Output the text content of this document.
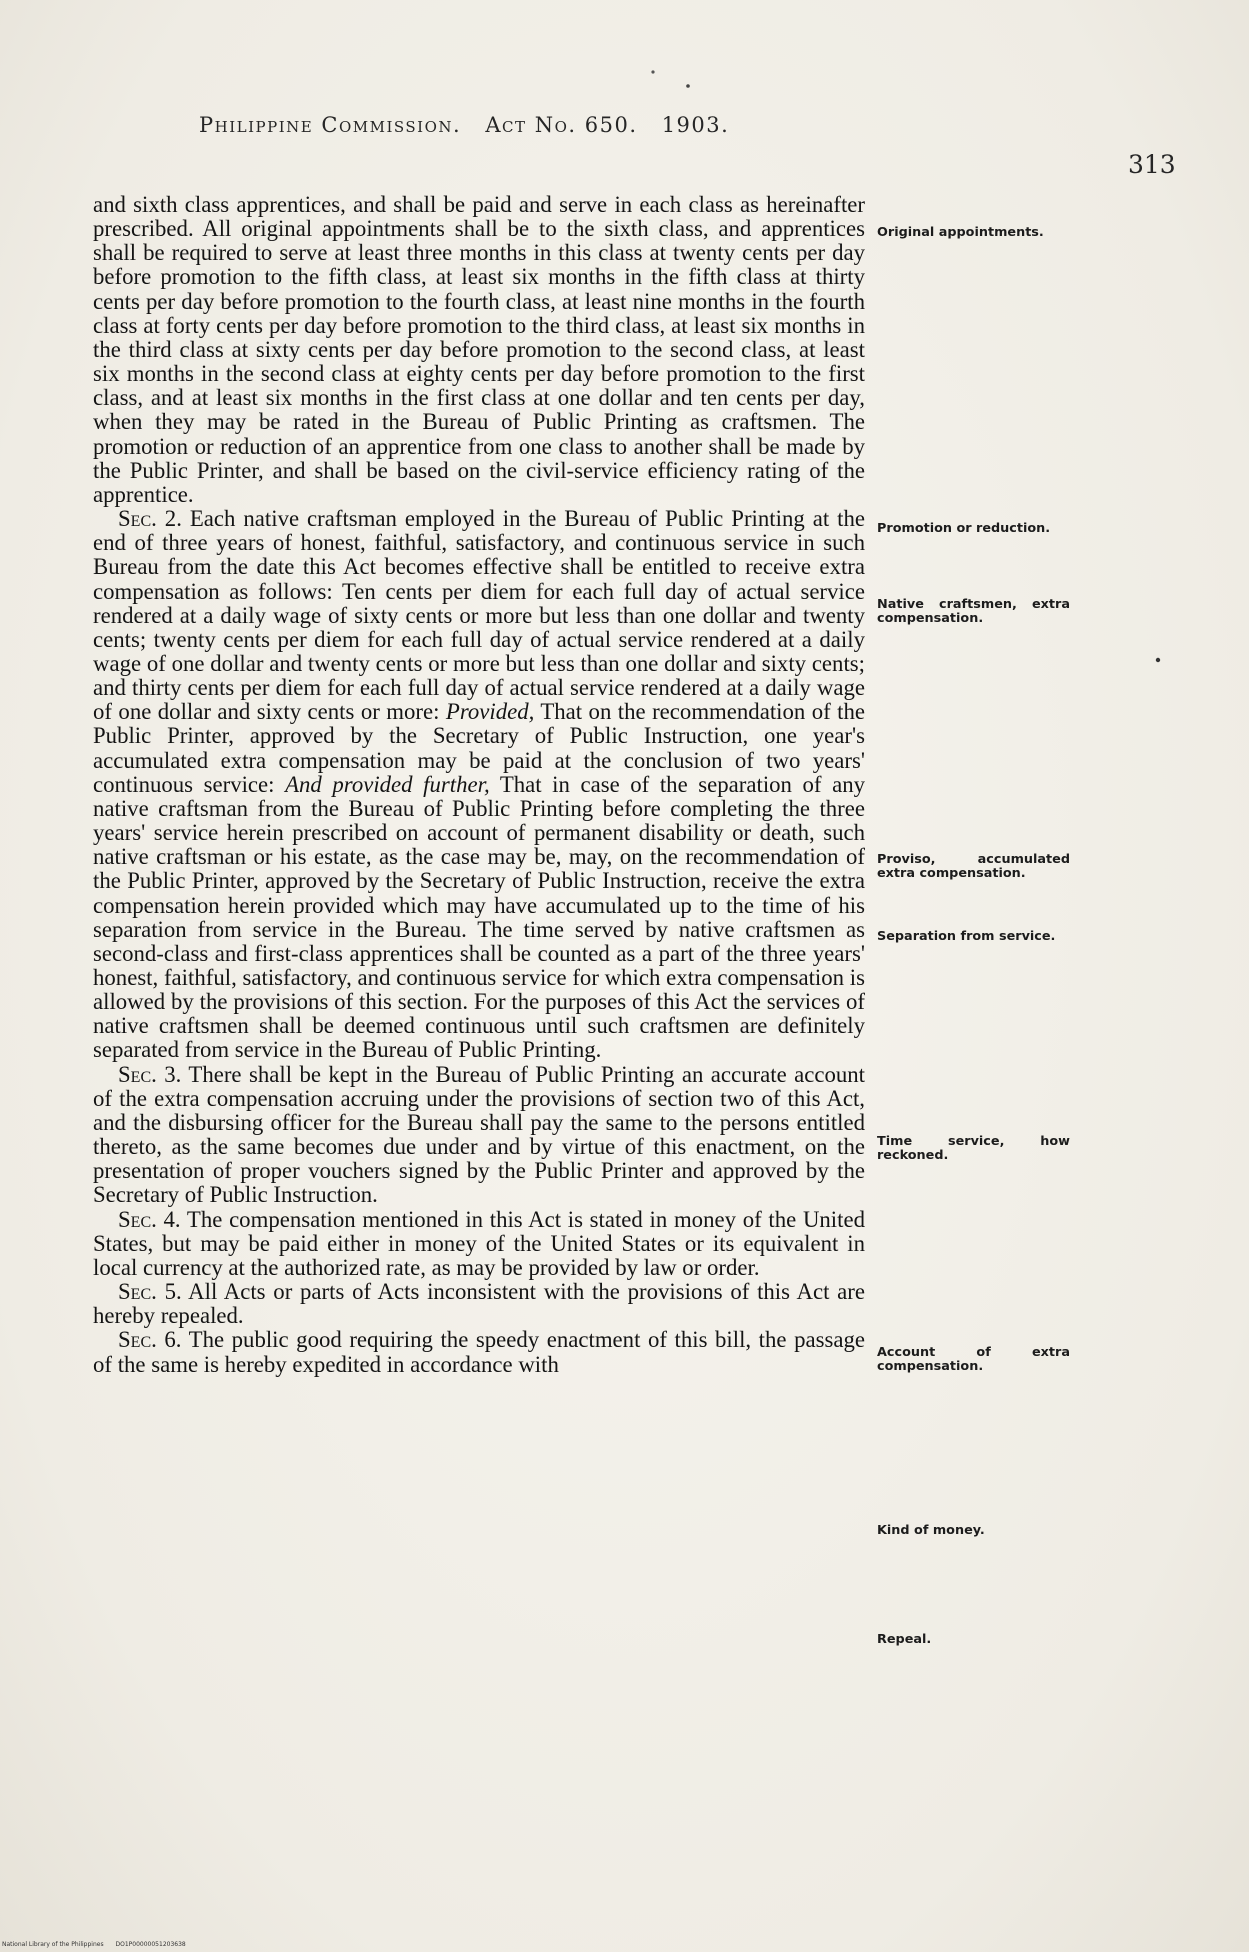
Philippine Commission. Act No. 650. 1903.
313

and sixth class apprentices, and shall be paid and serve in each class as hereinafter prescribed. All original appointments shall be to the sixth class, and apprentices shall be required to serve at least three months in this class at twenty cents per day before promotion to the fifth class, at least six months in the fifth class at thirty cents per day before promotion to the fourth class, at least nine months in the fourth class at forty cents per day before promotion to the third class, at least six months in the third class at sixty cents per day before promotion to the second class, at least six months in the second class at eighty cents per day before promotion to the first class, and at least six months in the first class at one dollar and ten cents per day, when they may be rated in the Bureau of Public Printing as craftsmen. The promotion or reduction of an apprentice from one class to another shall be made by the Public Printer, and shall be based on the civil-service efficiency rating of the apprentice.

Sec. 2. Each native craftsman employed in the Bureau of Public Printing at the end of three years of honest, faithful, satisfactory, and continuous service in such Bureau from the date this Act becomes effective shall be entitled to receive extra compensation as follows: Ten cents per diem for each full day of actual service rendered at a daily wage of sixty cents or more but less than one dollar and twenty cents; twenty cents per diem for each full day of actual service rendered at a daily wage of one dollar and twenty cents or more but less than one dollar and sixty cents; and thirty cents per diem for each full day of actual service rendered at a daily wage of one dollar and sixty cents or more: Provided, That on the recommendation of the Public Printer, approved by the Secretary of Public Instruction, one year's accumulated extra compensation may be paid at the conclusion of two years' continuous service: And provided further, That in case of the separation of any native craftsman from the Bureau of Public Printing before completing the three years' service herein prescribed on account of permanent disability or death, such native craftsman or his estate, as the case may be, may, on the recommendation of the Public Printer, approved by the Secretary of Public Instruction, receive the extra compensation herein provided which may have accumulated up to the time of his separation from service in the Bureau. The time served by native craftsmen as second-class and first-class apprentices shall be counted as a part of the three years' honest, faithful, satisfactory, and continuous service for which extra compensation is allowed by the provisions of this section. For the purposes of this Act the services of native craftsmen shall be deemed continuous until such craftsmen are definitely separated from service in the Bureau of Public Printing.

Sec. 3. There shall be kept in the Bureau of Public Printing an accurate account of the extra compensation accruing under the provisions of section two of this Act, and the disbursing officer for the Bureau shall pay the same to the persons entitled thereto, as the same becomes due under and by virtue of this enactment, on the presentation of proper vouchers signed by the Public Printer and approved by the Secretary of Public Instruction.

Sec. 4. The compensation mentioned in this Act is stated in money of the United States, but may be paid either in money of the United States or its equivalent in local currency at the authorized rate, as may be provided by law or order.

Sec. 5. All Acts or parts of Acts inconsistent with the provisions of this Act are hereby repealed.

Sec. 6. The public good requiring the speedy enactment of this bill, the passage of the same is hereby expedited in accordance with

Original appointments.
Promotion or reduction.
Native craftsmen, extra compensation.
Proviso, accumulated extra compensation.
Separation from service.
Time service, how reckoned.
Account of extra compensation.
Kind of money.
Repeal.
National Library of the Philippines DO1P00000051203638
